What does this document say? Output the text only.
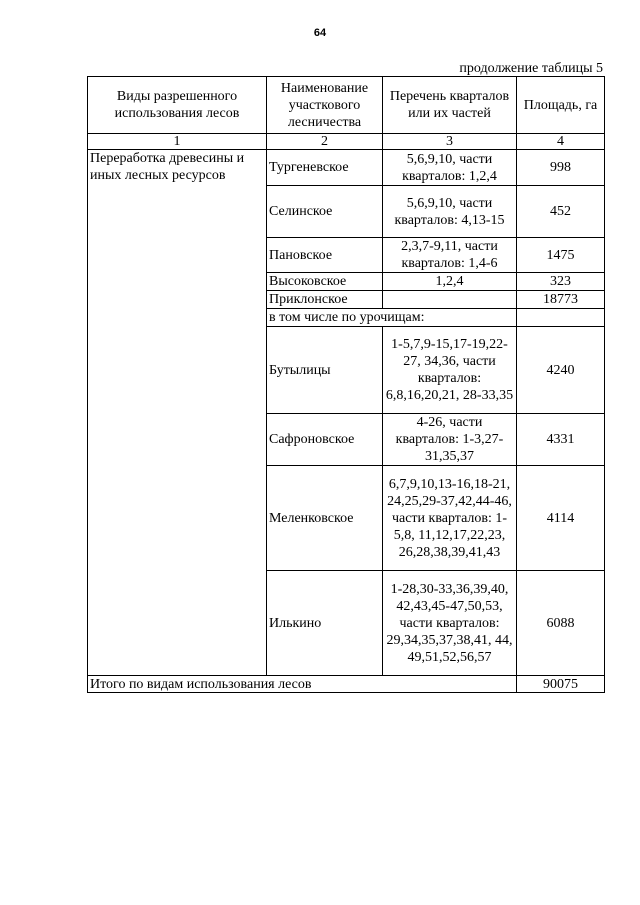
64
продолжение таблицы 5
Виды разрешенного использования лесов	Наименование участкового лесничества	Перечень кварталов или их частей	Площадь, га
1	2	3	4
Переработка древесины и иных лесных ресурсов	Тургеневское	5,6,9,10, части кварталов: 1,2,4	998
	Селинское	5,6,9,10, части кварталов: 4,13-15	452
	Пановское	2,3,7-9,11, части кварталов: 1,4-6	1475
	Высоковское	1,2,4	323
	Приклонское		18773
	в том числе по урочищам:		
	Бутылицы	1-5,7,9-15,17-19,22-27, 34,36, части кварталов: 6,8,16,20,21, 28-33,35	4240
	Сафроновское	4-26, части кварталов: 1-3,27-31,35,37	4331
	Меленковское	6,7,9,10,13-16,18-21, 24,25,29-37,42,44-46, части кварталов: 1-5,8, 11,12,17,22,23, 26,28,38,39,41,43	4114
	Илькино	1-28,30-33,36,39,40, 42,43,45-47,50,53, части кварталов: 29,34,35,37,38,41, 44, 49,51,52,56,57	6088
Итого по видам использования лесов			90075
